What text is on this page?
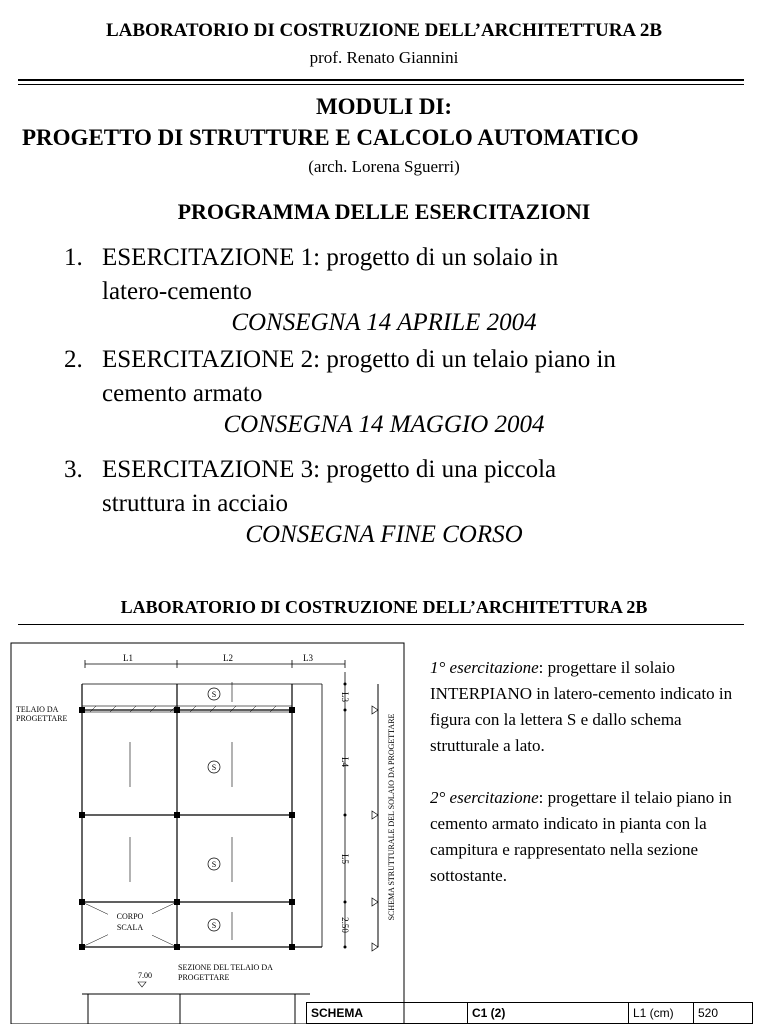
LABORATORIO DI COSTRUZIONE DELL’ARCHITETTURA 2B
prof. Renato Giannini
MODULI DI:
PROGETTO DI STRUTTURE E CALCOLO AUTOMATICO
(arch. Lorena Sguerri)
PROGRAMMA DELLE ESERCITAZIONI
1. ESERCITAZIONE 1: progetto di un solaio in
latero-cemento
CONSEGNA 14 APRILE 2004
2. ESERCITAZIONE 2: progetto di un telaio piano in
cemento armato
CONSEGNA 14 MAGGIO 2004
3. ESERCITAZIONE 3: progetto di una piccola
struttura in acciaio
CONSEGNA FINE CORSO
LABORATORIO DI COSTRUZIONE DELL’ARCHITETTURA 2B
L1	L2	L3
TELAIO DA
PROGETTARE
S
S
S
S
CORPO
SCALA
L3
L4
L5
2.50
SCHEMA STRUTTURALE DEL SOLAIO DA PROGETTARE
SEZIONE DEL TELAIO DA
PROGETTARE
7.00
1° esercitazione: progettare il solaio INTERPIANO in latero-cemento indicato in figura con la lettera S e dallo schema strutturale a lato.
2° esercitazione: progettare il telaio piano in cemento armato indicato in pianta con la campitura e rappresentato nella sezione sottostante.
SCHEMA	C1 (2)	L1 (cm)	520
